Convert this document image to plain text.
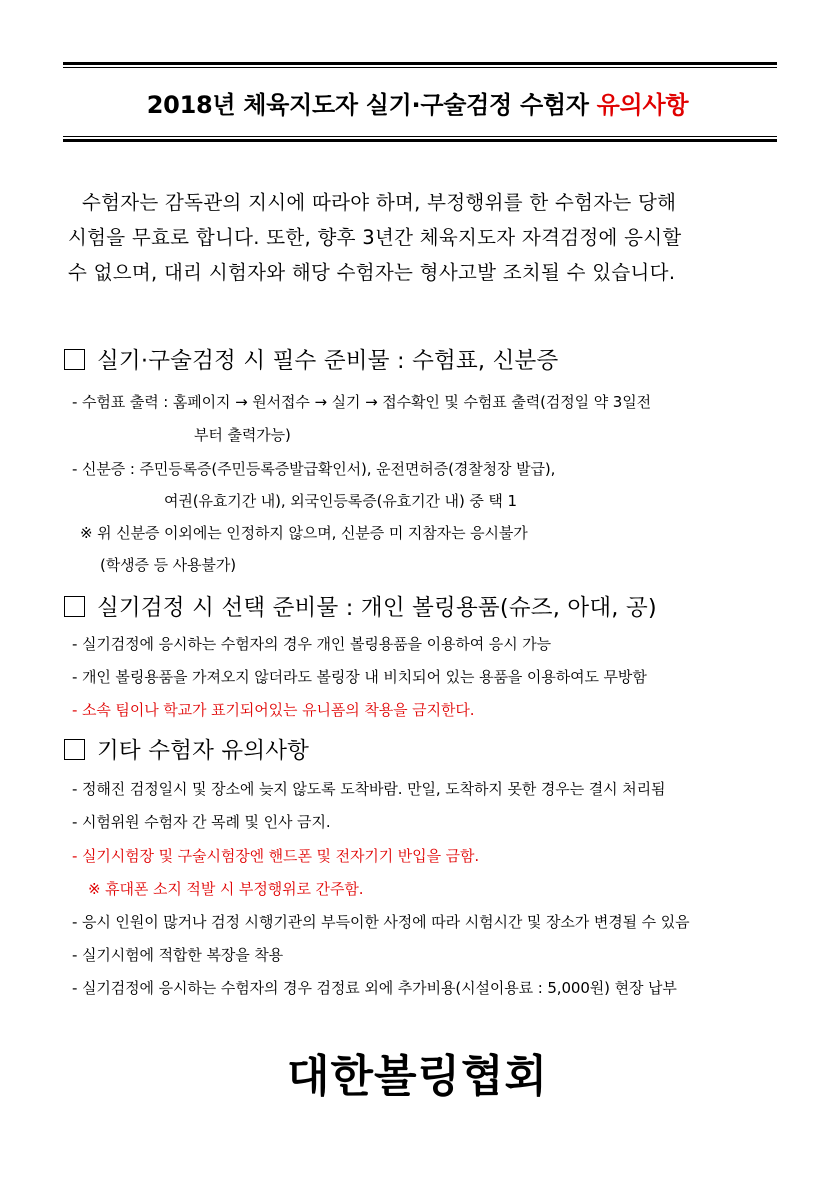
2018년 체육지도자 실기·구술검정 수험자 유의사항
수험자는 감독관의 지시에 따라야 하며, 부정행위를 한 수험자는 당해
시험을 무효로 합니다. 또한, 향후 3년간 체육지도자 자격검정에 응시할
수 없으며, 대리 시험자와 해당 수험자는 형사고발 조치될 수 있습니다.
실기·구술검정 시 필수 준비물 : 수험표, 신분증
- 수험표 출력 : 홈페이지 → 원서접수 → 실기 → 접수확인 및 수험표 출력(검정일 약 3일전
부터 출력가능)
- 신분증 : 주민등록증(주민등록증발급확인서), 운전면허증(경찰청장 발급),
여권(유효기간 내), 외국인등록증(유효기간 내) 중 택 1
※ 위 신분증 이외에는 인정하지 않으며, 신분증 미 지참자는 응시불가
(학생증 등 사용불가)
실기검정 시 선택 준비물 : 개인 볼링용품(슈즈, 아대, 공)
- 실기검정에 응시하는 수험자의 경우 개인 볼링용품을 이용하여 응시 가능
- 개인 볼링용품을 가져오지 않더라도 볼링장 내 비치되어 있는 용품을 이용하여도 무방함
- 소속 팀이나 학교가 표기되어있는 유니폼의 착용을 금지한다.
기타 수험자 유의사항
- 정해진 검정일시 및 장소에 늦지 않도록 도착바람. 만일, 도착하지 못한 경우는 결시 처리됨
- 시험위원 수험자 간 목례 및 인사 금지.
- 실기시험장 및 구술시험장엔 핸드폰 및 전자기기 반입을 금함.
※ 휴대폰 소지 적발 시 부정행위로 간주함.
- 응시 인원이 많거나 검정 시행기관의 부득이한 사정에 따라 시험시간 및 장소가 변경될 수 있음
- 실기시험에 적합한 복장을 착용
- 실기검정에 응시하는 수험자의 경우 검정료 외에 추가비용(시설이용료 : 5,000원) 현장 납부
대한볼링협회
